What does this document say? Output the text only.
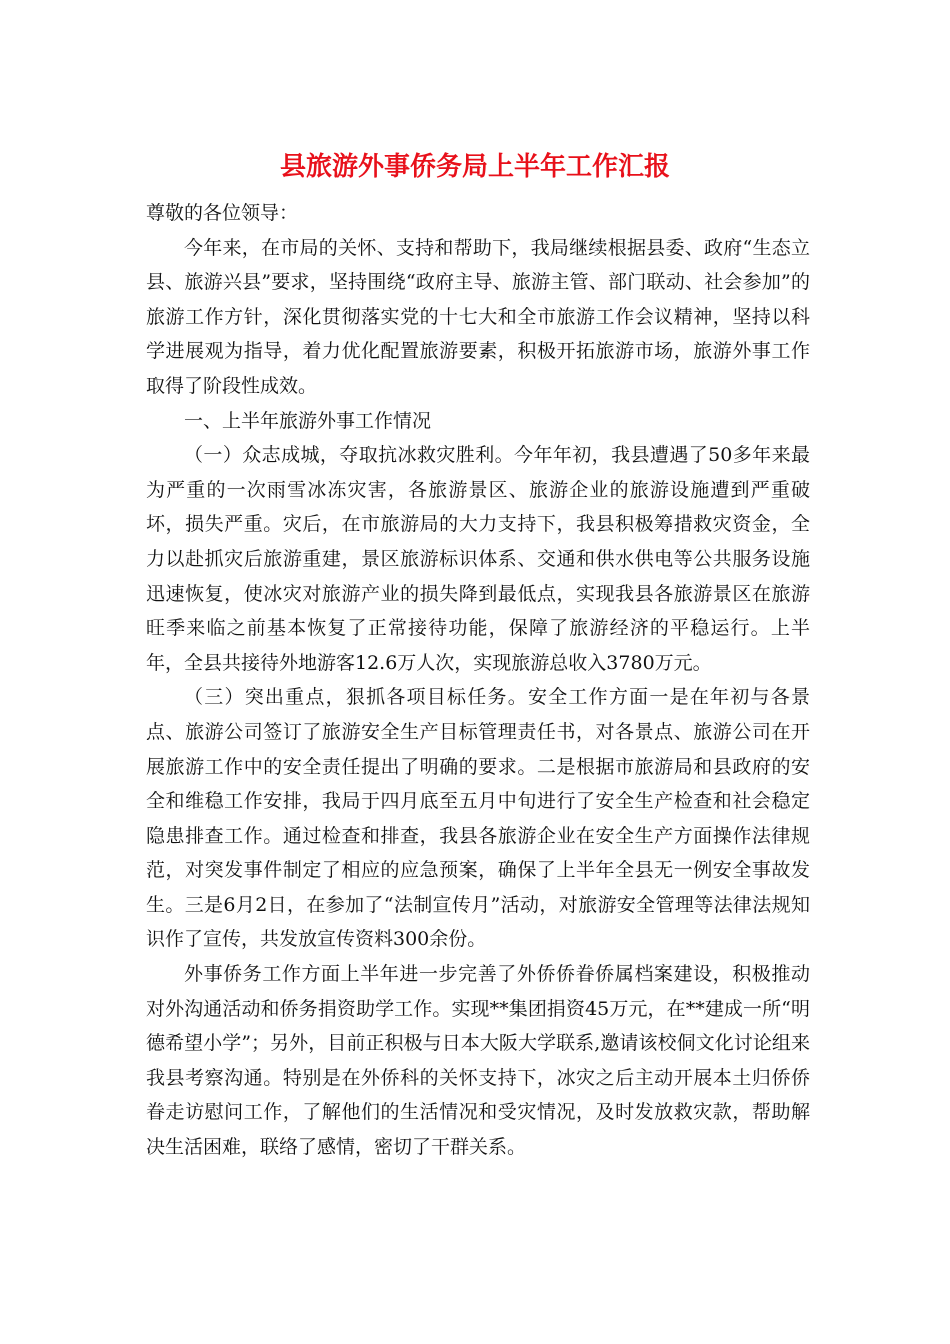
县旅游外事侨务局上半年工作汇报

尊敬的各位领导：

今年来，在市局的关怀、支持和帮助下，我局继续根据县委、政府“生态立县、旅游兴县”要求，坚持围绕“政府主导、旅游主管、部门联动、社会参加”的旅游工作方针，深化贯彻落实党的十七大和全市旅游工作会议精神，坚持以科学进展观为指导，着力优化配置旅游要素，积极开拓旅游市场，旅游外事工作取得了阶段性成效。

一、上半年旅游外事工作情况

（一）众志成城，夺取抗冰救灾胜利。今年年初，我县遭遇了50多年来最为严重的一次雨雪冰冻灾害，各旅游景区、旅游企业的旅游设施遭到严重破坏，损失严重。灾后，在市旅游局的大力支持下，我县积极筹措救灾资金，全力以赴抓灾后旅游重建，景区旅游标识体系、交通和供水供电等公共服务设施迅速恢复，使冰灾对旅游产业的损失降到最低点，实现我县各旅游景区在旅游旺季来临之前基本恢复了正常接待功能，保障了旅游经济的平稳运行。上半年，全县共接待外地游客12.6万人次，实现旅游总收入3780万元。

（三）突出重点，狠抓各项目标任务。安全工作方面一是在年初与各景点、旅游公司签订了旅游安全生产目标管理责任书，对各景点、旅游公司在开展旅游工作中的安全责任提出了明确的要求。二是根据市旅游局和县政府的安全和维稳工作安排，我局于四月底至五月中旬进行了安全生产检查和社会稳定隐患排查工作。通过检查和排查，我县各旅游企业在安全生产方面操作法律规范，对突发事件制定了相应的应急预案，确保了上半年全县无一例安全事故发生。三是6月2日，在参加了“法制宣传月”活动，对旅游安全管理等法律法规知识作了宣传，共发放宣传资料300余份。

外事侨务工作方面上半年进一步完善了外侨侨眷侨属档案建设，积极推动对外沟通活动和侨务捐资助学工作。实现**集团捐资45万元，在**建成一所“明德希望小学”；另外，目前正积极与日本大阪大学联系,邀请该校侗文化讨论组来我县考察沟通。特别是在外侨科的关怀支持下，冰灾之后主动开展本土归侨侨眷走访慰问工作，了解他们的生活情况和受灾情况，及时发放救灾款，帮助解决生活困难，联络了感情，密切了干群关系。
